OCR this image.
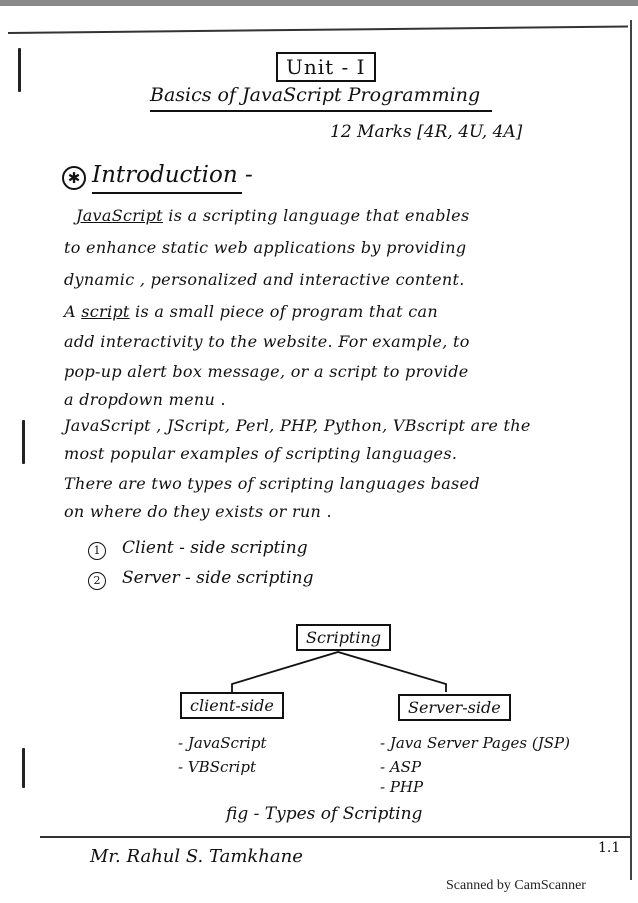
Unit - I
Basics of JavaScript Programming
12 Marks [4R, 4U, 4A]
✱ Introduction -
JavaScript is a scripting language that enables
to enhance static web applications by providing
dynamic , personalized and interactive content.
A script is a small piece of program that can
add interactivity to the website. For example, to
pop-up alert box message, or a script to provide
a dropdown menu .
JavaScript , JScript, Perl, PHP, Python, VBscript are the
most popular examples of scripting languages.
There are two types of scripting languages based
on where do they exists or run .
1	Client - side scripting
2	Server - side scripting
Scripting
client-side	Server-side
- JavaScript
- VBScript
- Java Server Pages (JSP)
- ASP
- PHP
fig - Types of Scripting
Mr. Rahul S. Tamkhane	1.1
Scanned by CamScanner
